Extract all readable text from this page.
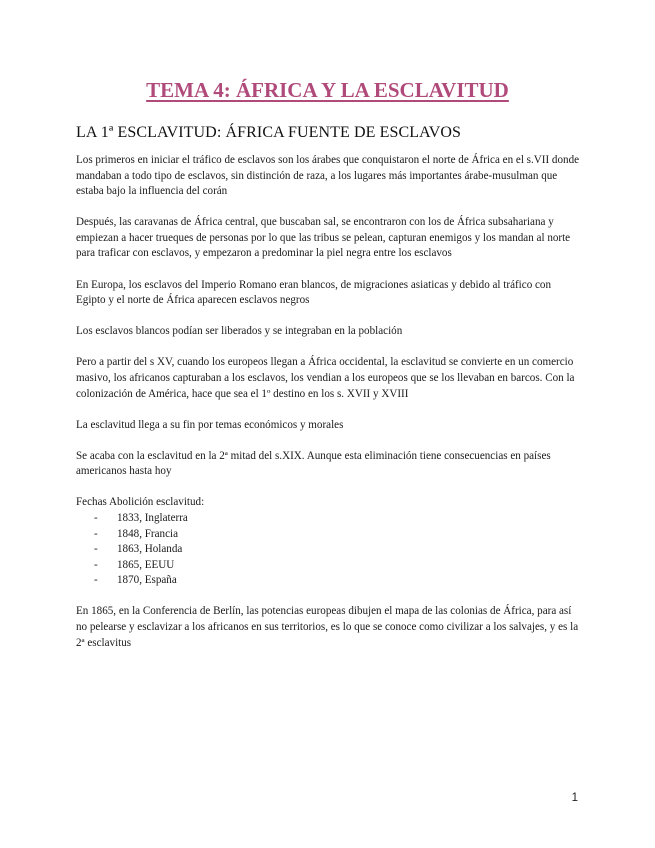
TEMA 4: ÁFRICA Y LA ESCLAVITUD
LA 1ª ESCLAVITUD: ÁFRICA FUENTE DE ESCLAVOS

Los primeros en iniciar el tráfico de esclavos son los árabes que conquistaron el norte de África en el s.VII donde mandaban a todo tipo de esclavos, sin distinción de raza, a los lugares más importantes árabe-musulman que estaba bajo la influencia del corán

Después, las caravanas de África central, que buscaban sal, se encontraron con los de África subsahariana y empiezan a hacer trueques de personas por lo que las tribus se pelean, capturan enemigos y los mandan al norte para traficar con esclavos, y empezaron a predominar la piel negra entre los esclavos

En Europa, los esclavos del Imperio Romano eran blancos, de migraciones asiaticas y debido al tráfico con Egipto y el norte de África aparecen esclavos negros

Los esclavos blancos podían ser liberados y se integraban en la población

Pero a partir del s XV, cuando los europeos llegan a África occidental, la esclavitud se convierte en un comercio masivo, los africanos capturaban a los esclavos, los vendian a los europeos que se los llevaban en barcos. Con la colonización de América, hace que sea el 1º destino en los s. XVII y XVIII

La esclavitud llega a su fin por temas económicos y morales

Se acaba con la esclavitud en la 2ª mitad del s.XIX. Aunque esta eliminación tiene consecuencias en países americanos hasta hoy

Fechas Abolición esclavitud:

- 1833, Inglaterra
- 1848, Francia
- 1863, Holanda
- 1865, EEUU
- 1870, España

En 1865, en la Conferencia de Berlín, las potencias europeas dibujen el mapa de las colonias de África, para así no pelearse y esclavizar a los africanos en sus territorios, es lo que se conoce como civilizar a los salvajes, y es la 2ª esclavitus

1
